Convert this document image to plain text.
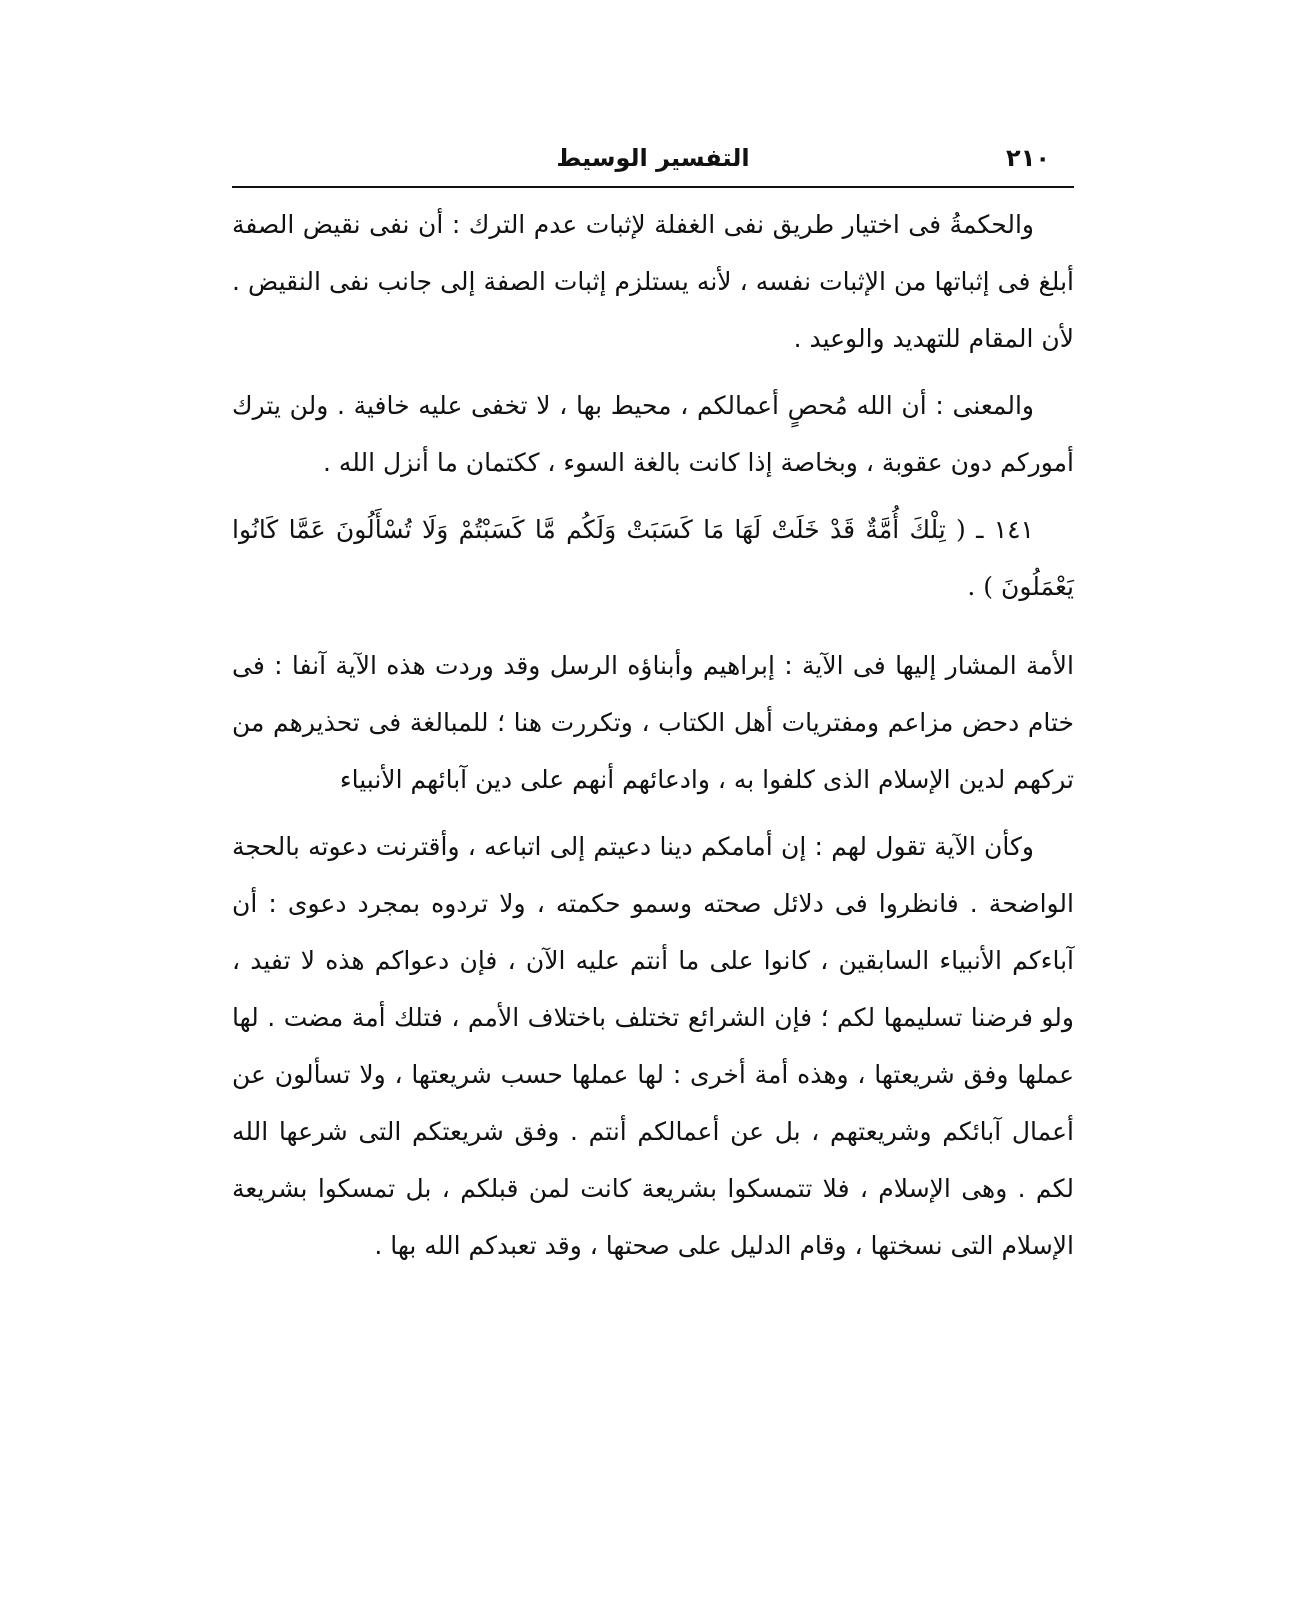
٢١٠
التفسير الوسيط

والحكمةُ فى اختيار طريق نفى الغفلة لإثبات عدم الترك : أن نفى نقيض الصفة أبلغ فى إثباتها من الإثبات نفسه ، لأنه يستلزم إثبات الصفة إلى جانب نفى النقيض . لأن المقام للتهديد والوعيد .

والمعنى : أن الله مُحصٍ أعمالكم ، محيط بها ، لا تخفى عليه خافية . ولن يترك أموركم دون عقوبة ، وبخاصة إذا كانت بالغة السوء ، ككتمان ما أنزل الله .

١٤١ ـ ( تِلْكَ أُمَّةٌ قَدْ خَلَتْ لَهَا مَا كَسَبَتْ وَلَكُم مَّا كَسَبْتُمْ وَلَا تُسْأَلُونَ عَمَّا كَانُوا يَعْمَلُونَ ) .

الأمة المشار إليها فى الآية : إبراهيم وأبناؤه الرسل وقد وردت هذه الآية آنفا : فى ختام دحض مزاعم ومفتريات أهل الكتاب ، وتكررت هنا ؛ للمبالغة فى تحذيرهم من تركهم لدين الإسلام الذى كلفوا به ، وادعائهم أنهم على دين آبائهم الأنبياء

وكأن الآية تقول لهم : إن أمامكم دينا دعيتم إلى اتباعه ، وأقترنت دعوته بالحجة الواضحة . فانظروا فى دلائل صحته وسمو حكمته ، ولا تردوه بمجرد دعوى : أن آباءكم الأنبياء السابقين ، كانوا على ما أنتم عليه الآن ، فإن دعواكم هذه لا تفيد ، ولو فرضنا تسليمها لكم ؛ فإن الشرائع تختلف باختلاف الأمم ، فتلك أمة مضت . لها عملها وفق شريعتها ، وهذه أمة أخرى : لها عملها حسب شريعتها ، ولا تسألون عن أعمال آبائكم وشريعتهم ، بل عن أعمالكم أنتم . وفق شريعتكم التى شرعها الله لكم . وهى الإسلام ، فلا تتمسكوا بشريعة كانت لمن قبلكم ، بل تمسكوا بشريعة الإسلام التى نسختها ، وقام الدليل على صحتها ، وقد تعبدكم الله بها .
